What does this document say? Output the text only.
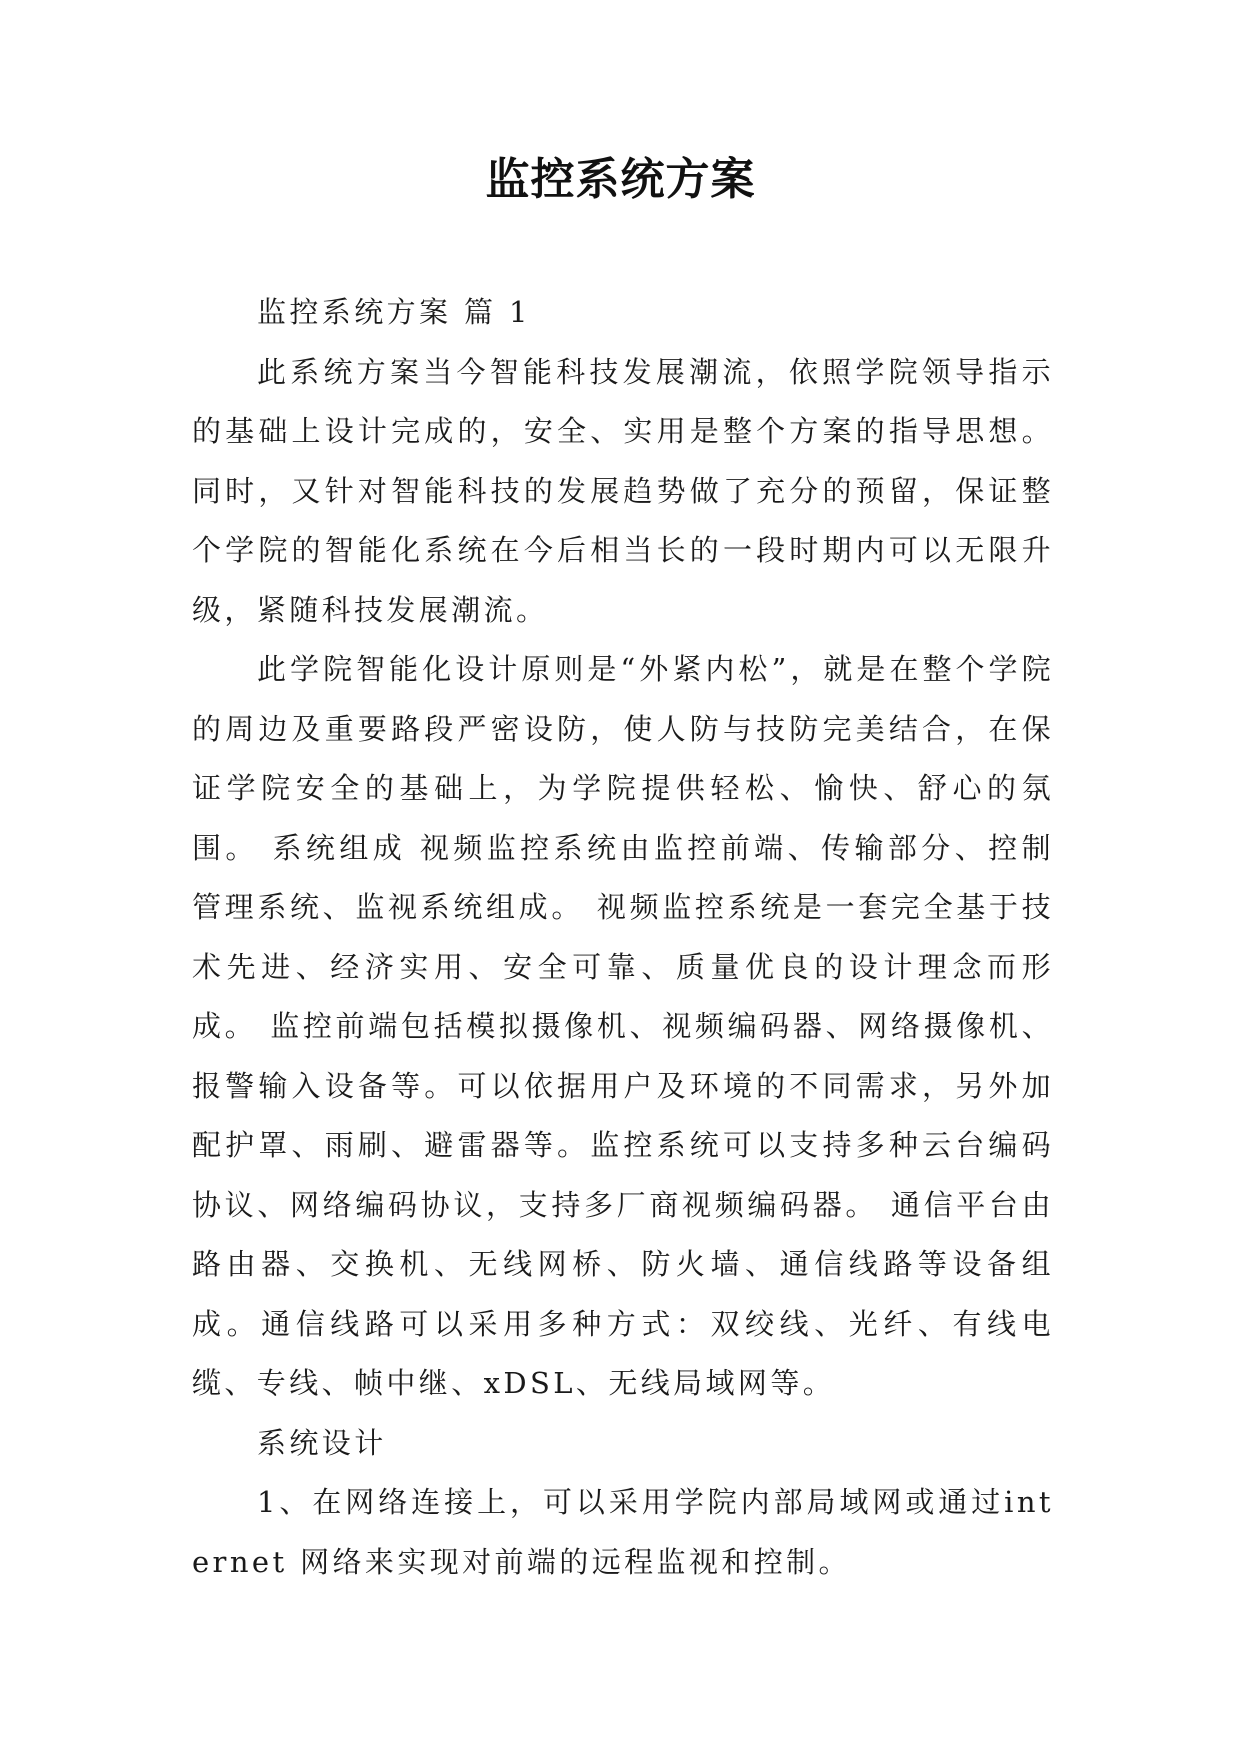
监控系统方案

监控系统方案 篇 1

此系统方案当今智能科技发展潮流，依照学院领导指示的基础上设计完成的，安全、实用是整个方案的指导思想。同时，又针对智能科技的发展趋势做了充分的预留，保证整个学院的智能化系统在今后相当长的一段时期内可以无限升级，紧随科技发展潮流。

此学院智能化设计原则是“外紧内松”，就是在整个学院的周边及重要路段严密设防，使人防与技防完美结合，在保证学院安全的基础上，为学院提供轻松、愉快、舒心的氛围。 系统组成 视频监控系统由监控前端、传输部分、控制管理系统、监视系统组成。 视频监控系统是一套完全基于技术先进、经济实用、安全可靠、质量优良的设计理念而形成。 监控前端包括模拟摄像机、视频编码器、网络摄像机、报警输入设备等。可以依据用户及环境的不同需求，另外加配护罩、雨刷、避雷器等。监控系统可以支持多种云台编码协议、网络编码协议，支持多厂商视频编码器。 通信平台由路由器、交换机、无线网桥、防火墙、通信线路等设备组成。通信线路可以采用多种方式：双绞线、光纤、有线电缆、专线、帧中继、xDSL、无线局域网等。

系统设计

1、在网络连接上，可以采用学院内部局域网或通过internet 网络来实现对前端的远程监视和控制。
